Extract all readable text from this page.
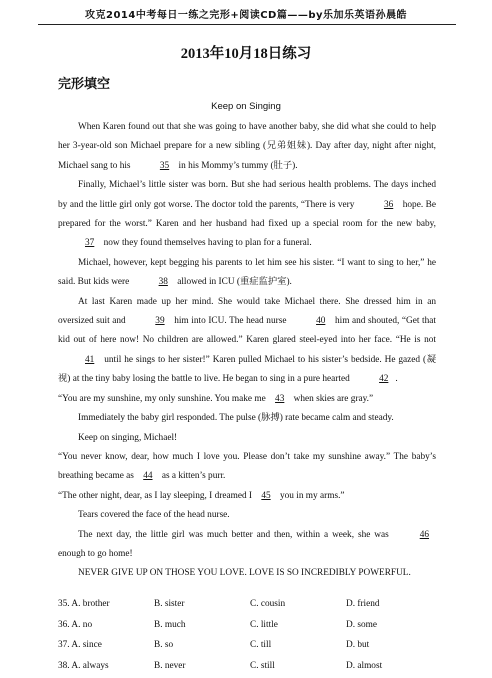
攻克2014中考每日一练之完形+阅读CD篇——by乐加乐英语孙晨皓
2013年10月18日练习
完形填空
Keep on Singing

When Karen found out that she was going to have another baby, she did what she could to help her 3-year-old son Michael prepare for a new sibling (兄弟姐妹). Day after day, night after night, Michael sang to his	35 in his Mommy’s tummy (肚子).

Finally, Michael’s little sister was born. But she had serious health problems. The days inched by and the little girl only got worse. The doctor told the parents, “There is very	36 hope. Be prepared for the worst.” Karen and her husband had fixed up a special room for the new baby, 37 now they found themselves having to plan for a funeral.

Michael, however, kept begging his parents to let him see his sister. “I want to sing to her,” he said. But kids were	38 allowed in ICU (重症监护室).

At last Karen made up her mind. She would take Michael there. She dressed him in an oversized suit and	39 him into ICU. The head nurse	40 him and shouted, “Get that kid out of here now! No children are allowed.” Karen glared steel-eyed into her face. “He is not 41 until he sings to her sister!” Karen pulled Michael to his sister’s bedside. He gazed (凝视) at the tiny baby losing the battle to live. He began to sing in a pure hearted	42 .

“You are my sunshine, my only sunshine. You make me 43 when skies are gray.”

Immediately the baby girl responded. The pulse (脉搏) rate became calm and steady.

Keep on singing, Michael!

“You never know, dear, how much I love you. Please don’t take my sunshine away.” The baby’s breathing became as 44 as a kitten’s purr.

“The other night, dear, as I lay sleeping, I dreamed I 45 you in my arms.”

Tears covered the face of the head nurse.

The next day, the little girl was much better and then, within a week, she was	46 enough to go home!

NEVER GIVE UP ON THOSE YOU LOVE. LOVE IS SO INCREDIBLY POWERFUL.

35. A. brother	B. sister	C. cousin	D. friend
36. A. no	B. much	C. little	D. some
37. A. since	B. so	C. till	D. but
38. A. always	B. never	C. still	D. almost
